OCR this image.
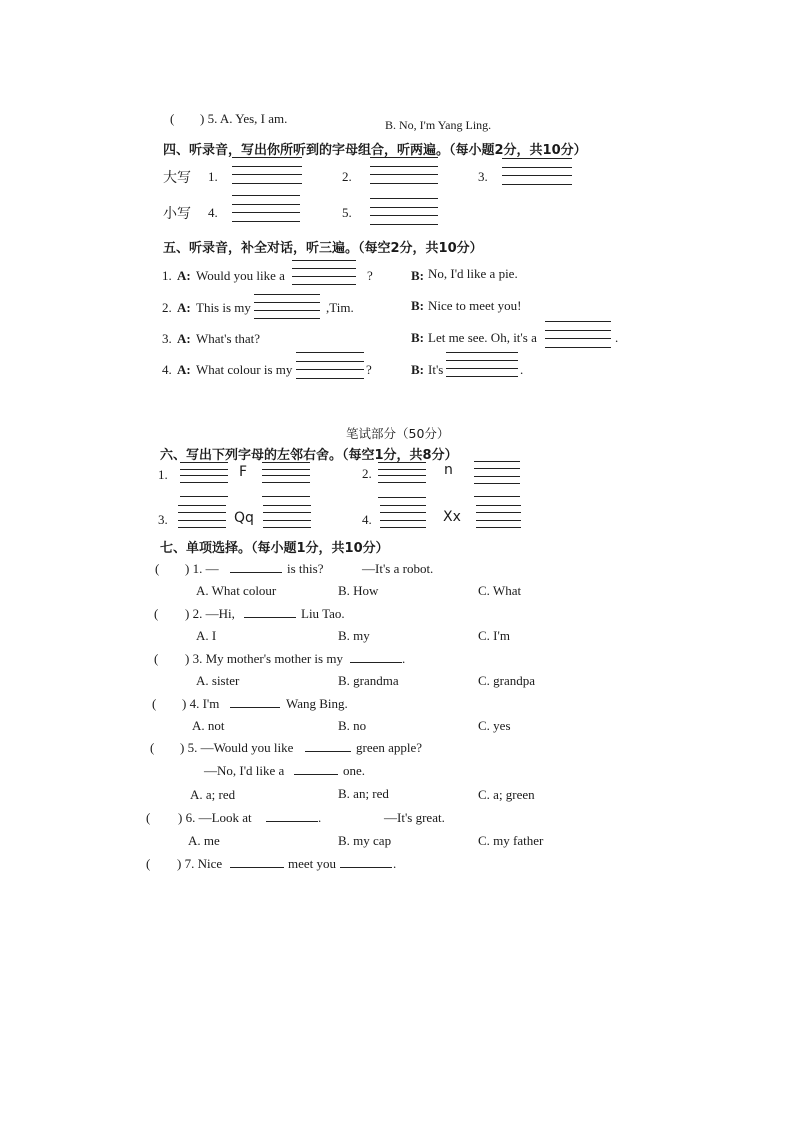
( ) 5. A. Yes, I am.	B. No, I'm Yang Ling.
四、听录音，写出你所听到的字母组合，听两遍。（每小题2分，共10分）
大写 1.	2.	3.
小写 4.	5.
五、听录音，补全对话，听三遍。（每空2分，共10分）
1. A: Would you like a	?	B: No, I'd like a pie.
2. A: This is my	,Tim.	B: Nice to meet you!
3. A: What's that?	B: Let me see. Oh, it's a	.
4. A: What colour is my	?	B: It's	.
笔试部分（50分）
六、写出下列字母的左邻右舍。（每空1分，共8分）
1.	F	2.	n
3.	Qq	4.	Xx
七、单项选择。（每小题1分，共10分）
( ) 1. —	is this?	—It's a robot.
A. What colour	B. How	C. What
( ) 2. —Hi,	Liu Tao.
A. I	B. my	C. I'm
( ) 3. My mother's mother is my	.
A. sister	B. grandma	C. grandpa
( ) 4. I'm	Wang Bing.
A. not	B. no	C. yes
( ) 5. —Would you like	green apple?
—No, I'd like a	one.
A. a; red	B. an; red	C. a; green
( ) 6. —Look at	.	—It's great.
A. me	B. my cap	C. my father
( ) 7. Nice	meet you	.
